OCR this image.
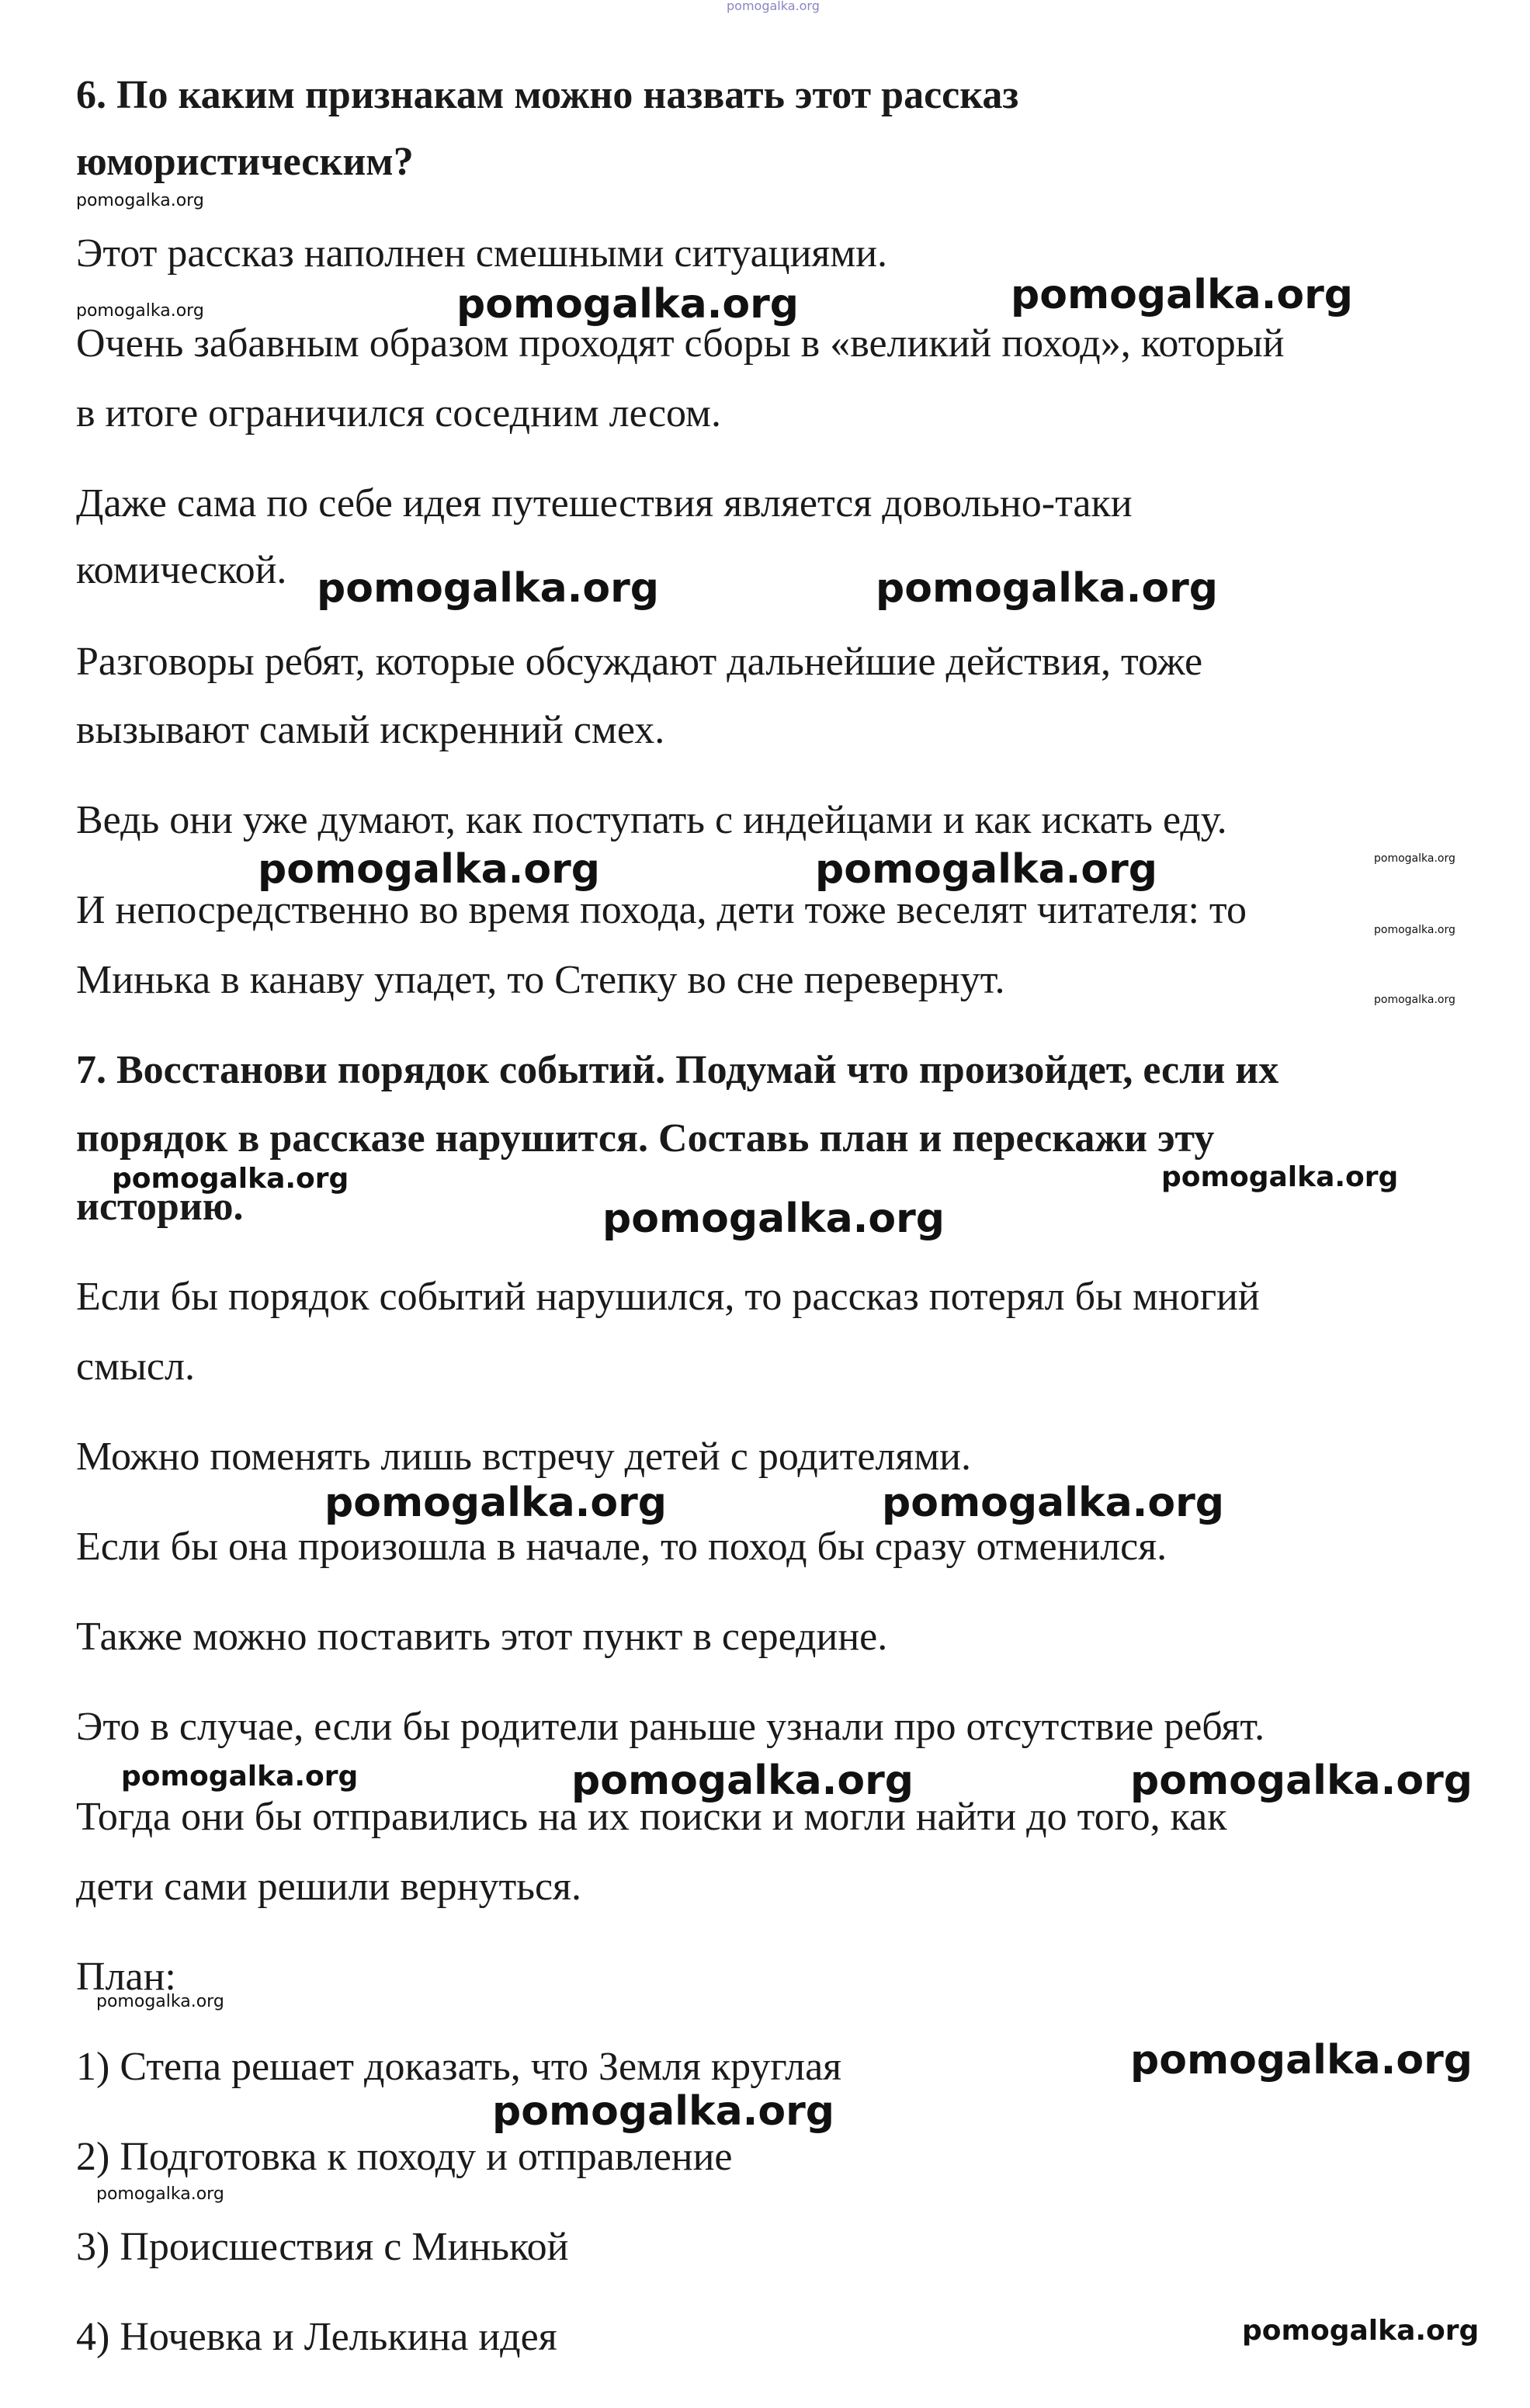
pomogalka.org

6. По каким признакам можно назвать этот рассказ

юмористическим?

Этот рассказ наполнен смешными ситуациями.

Очень забавным образом проходят сборы в «великий поход», который

в итоге ограничился соседним лесом.

Даже сама по себе идея путешествия является довольно-таки

комической.

Разговоры ребят, которые обсуждают дальнейшие действия, тоже

вызывают самый искренний смех.

Ведь они уже думают, как поступать с индейцами и как искать еду.

И непосредственно во время похода, дети тоже веселят читателя: то

Минька в канаву упадет, то Степку во сне перевернут.

7. Восстанови порядок событий. Подумай что произойдет, если их

порядок в рассказе нарушится. Составь план и перескажи эту

историю.

Если бы порядок событий нарушился, то рассказ потерял бы многий

смысл.

Можно поменять лишь встречу детей с родителями.

Если бы она произошла в начале, то поход бы сразу отменился.

Также можно поставить этот пункт в середине.

Это в случае, если бы родители раньше узнали про отсутствие ребят.

Тогда они бы отправились на их поиски и могли найти до того, как

дети сами решили вернуться.

План:

1) Степа решает доказать, что Земля круглая

2) Подготовка к походу и отправление

3) Происшествия с Минькой

4) Ночевка и Лелькина идея

pomogalka.org
pomogalka.org	pomogalka.org	pomogalka.org
pomogalka.org	pomogalka.org
pomogalka.org	pomogalka.org	pomogalka.org
pomogalka.org
pomogalka.org
pomogalka.org	pomogalka.org
pomogalka.org
pomogalka.org	pomogalka.org
pomogalka.org	pomogalka.org	pomogalka.org
pomogalka.org
pomogalka.org
pomogalka.org
pomogalka.org
pomogalka.org
